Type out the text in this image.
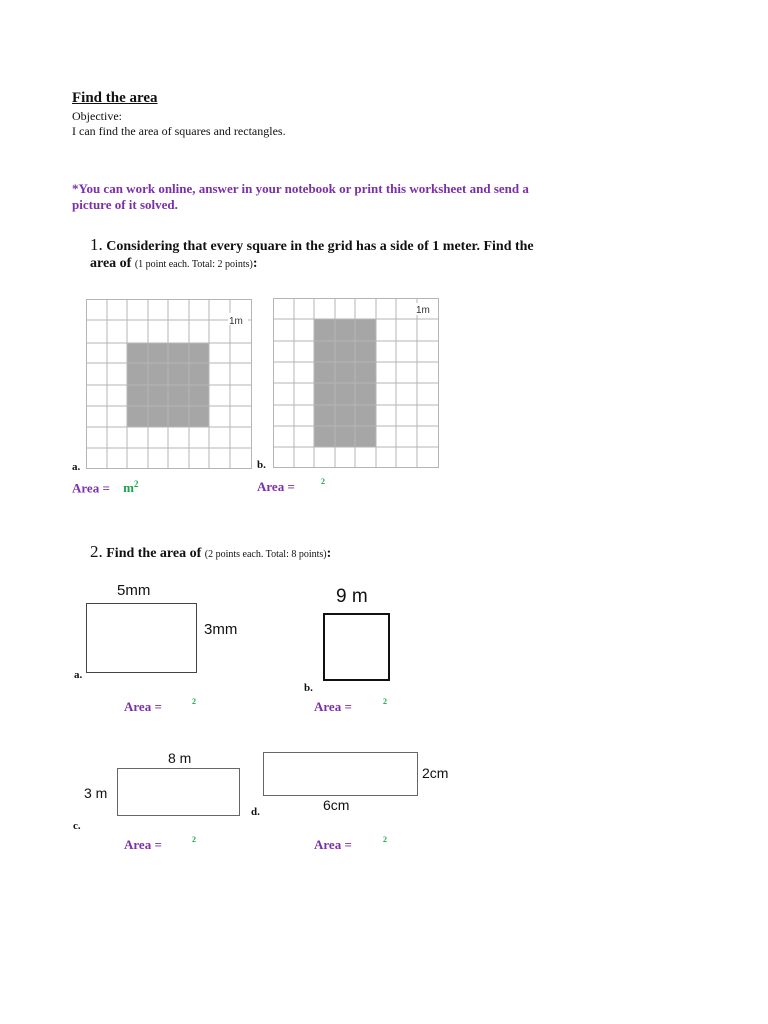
Find the area
Objective:
I can find the area of squares and rectangles.
*You can work online, answer in your notebook or print this worksheet and send a picture of it solved.
1. Considering that every square in the grid has a side of 1 meter. Find the area of (1 point each. Total: 2 points):
1m
a.
Area = $m^2$
1m
b.
Area =	2
2. Find the area of (2 points each. Total: 8 points):
5mm
3mm
a.
Area =	2
9 m
b.
Area =	2
8 m
3 m
c.
Area =	2
2cm
6cm
d.
Area =	2
